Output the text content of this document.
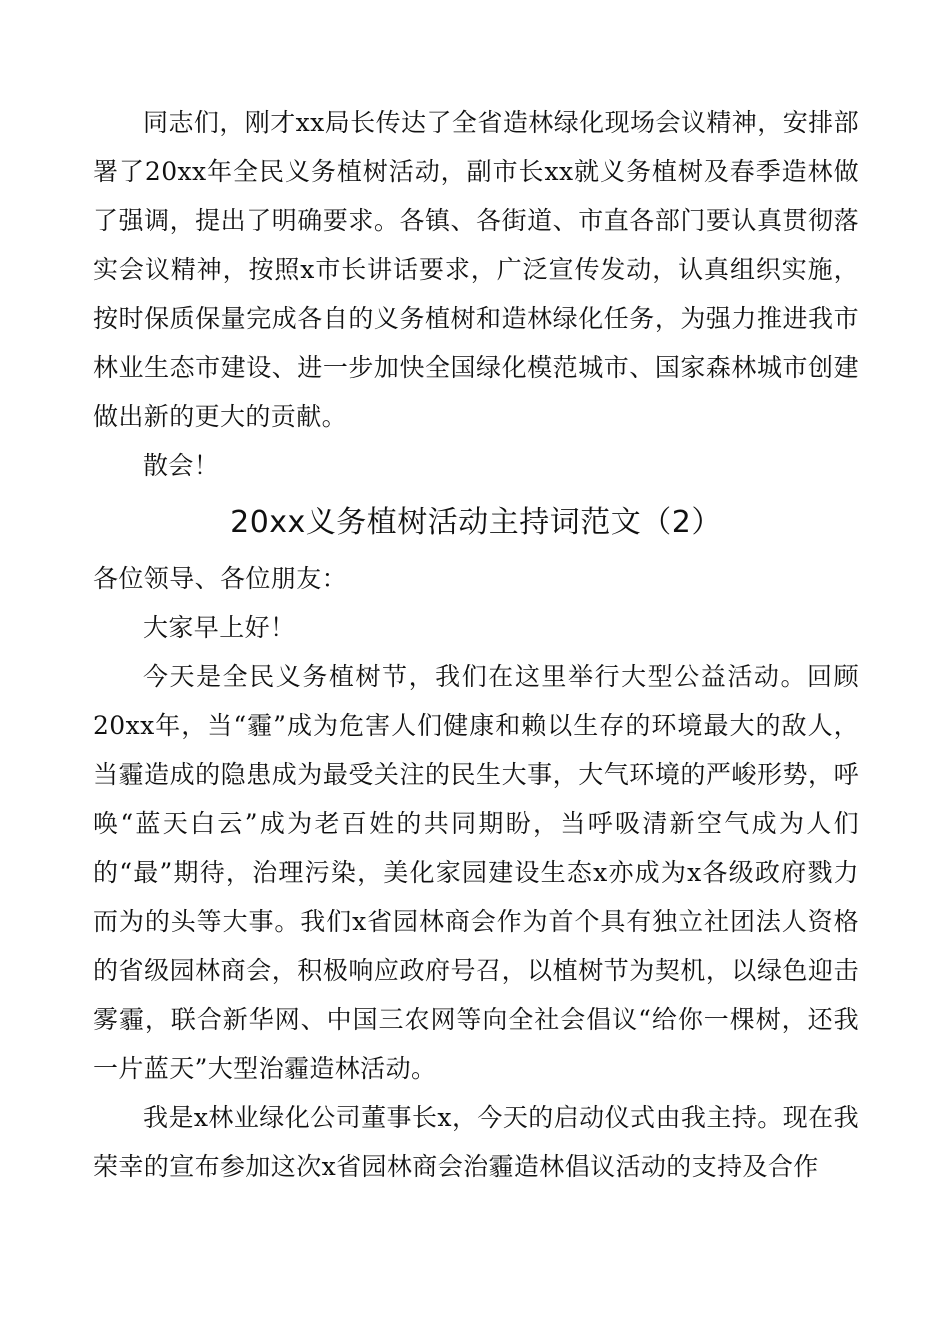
同志们，刚才xx局长传达了全省造林绿化现场会议精神，安排部署了20xx年全民义务植树活动，副市长xx就义务植树及春季造林做了强调，提出了明确要求。各镇、各街道、市直各部门要认真贯彻落实会议精神，按照x市长讲话要求，广泛宣传发动，认真组织实施，按时保质保量完成各自的义务植树和造林绿化任务，为强力推进我市林业生态市建设、进一步加快全国绿化模范城市、国家森林城市创建做出新的更大的贡献。

散会！

20xx义务植树活动主持词范文（2）

各位领导、各位朋友：

大家早上好！

今天是全民义务植树节，我们在这里举行大型公益活动。回顾20xx年，当“霾”成为危害人们健康和赖以生存的环境最大的敌人，当霾造成的隐患成为最受关注的民生大事，大气环境的严峻形势，呼唤“蓝天白云”成为老百姓的共同期盼，当呼吸清新空气成为人们的“最”期待，治理污染，美化家园建设生态x亦成为x各级政府戮力而为的头等大事。我们x省园林商会作为首个具有独立社团法人资格的省级园林商会，积极响应政府号召，以植树节为契机，以绿色迎击雾霾，联合新华网、中国三农网等向全社会倡议“给你一棵树，还我一片蓝天”大型治霾造林活动。

我是x林业绿化公司董事长x，今天的启动仪式由我主持。现在我荣幸的宣布参加这次x省园林商会治霾造林倡议活动的支持及合作
